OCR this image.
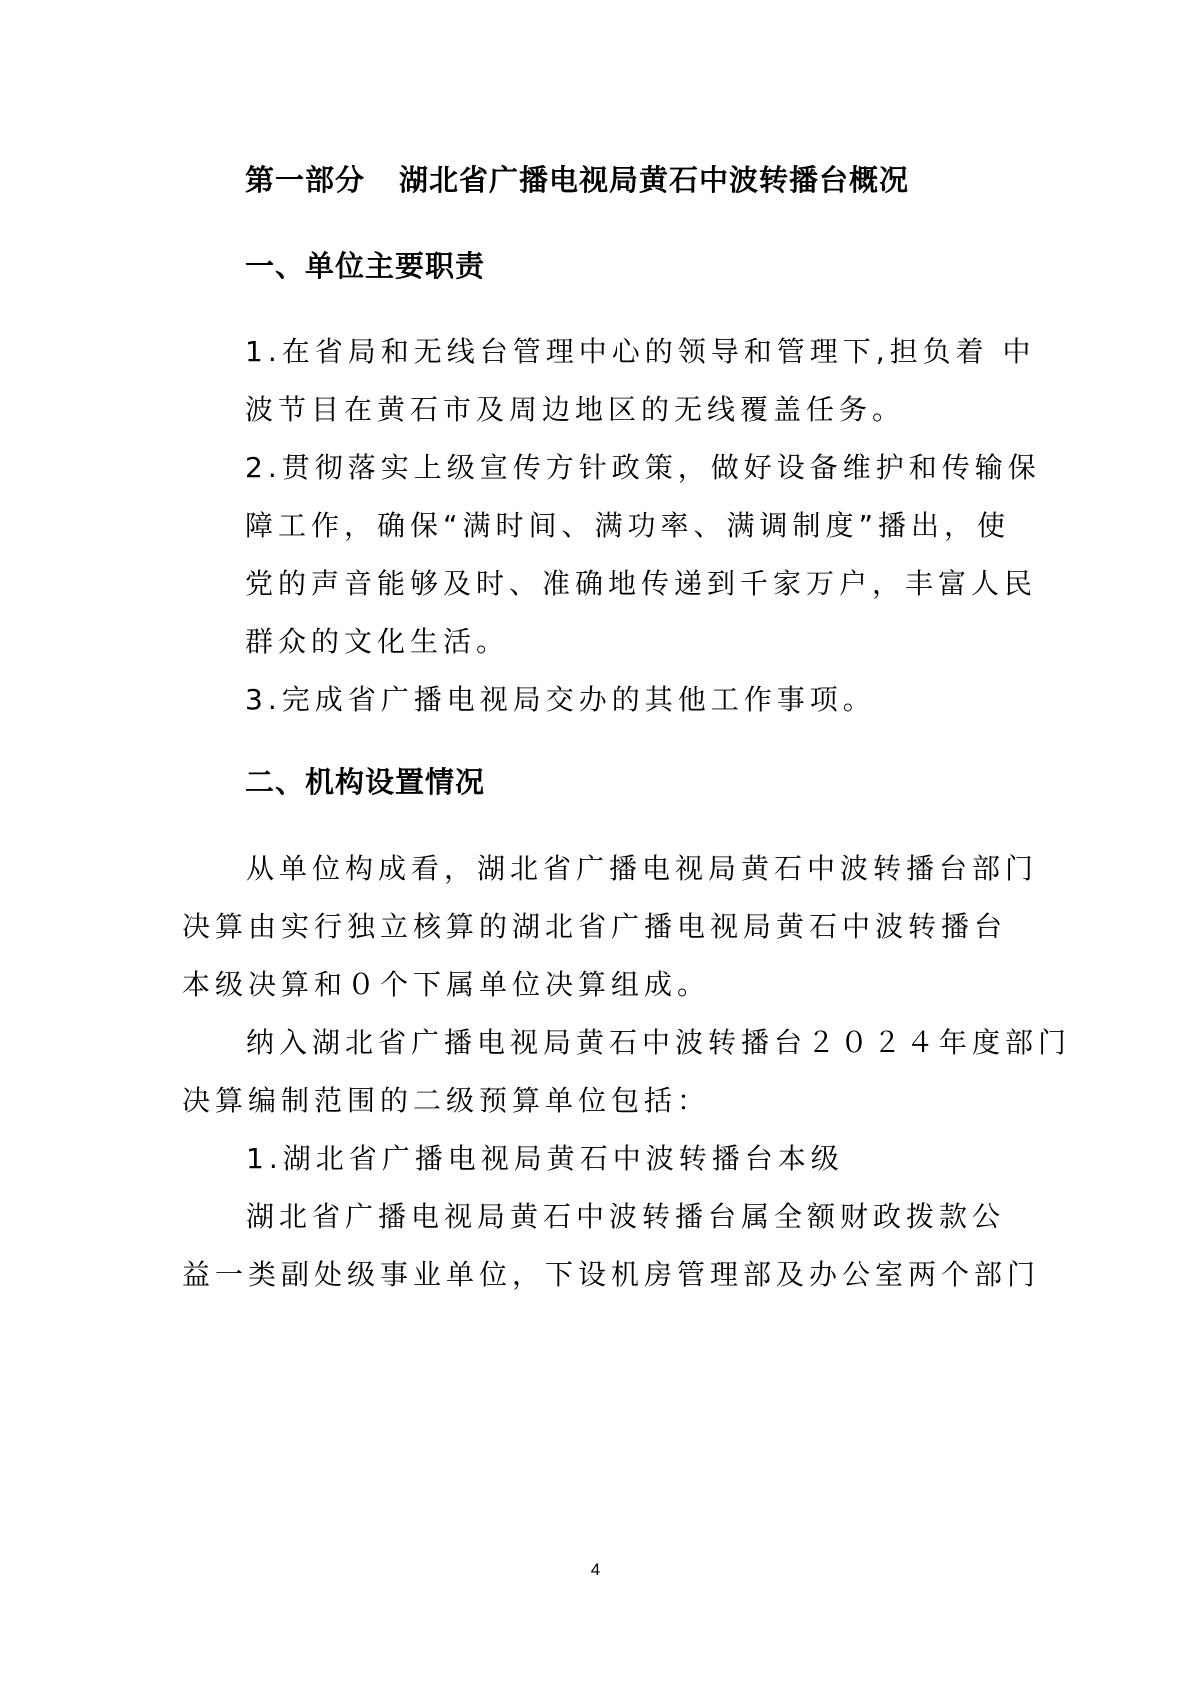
第一部分 湖北省广播电视局黄石中波转播台概况
一、单位主要职责
1.在省局和无线台管理中心的领导和管理下,担负着 中
波节目在黄石市及周边地区的无线覆盖任务。
2.贯彻落实上级宣传方针政策，做好设备维护和传输保
障工作，确保“满时间、满功率、满调制度”播出，使
党的声音能够及时、准确地传递到千家万户，丰富人民
群众的文化生活。
3.完成省广播电视局交办的其他工作事项。
二、机构设置情况
从单位构成看，湖北省广播电视局黄石中波转播台部门
决算由实行独立核算的湖北省广播电视局黄石中波转播台
本级决算和０个下属单位决算组成。
纳入湖北省广播电视局黄石中波转播台２０２４年度部门
决算编制范围的二级预算单位包括：
1.湖北省广播电视局黄石中波转播台本级
湖北省广播电视局黄石中波转播台属全额财政拨款公
益一类副处级事业单位，下设机房管理部及办公室两个部门
4
